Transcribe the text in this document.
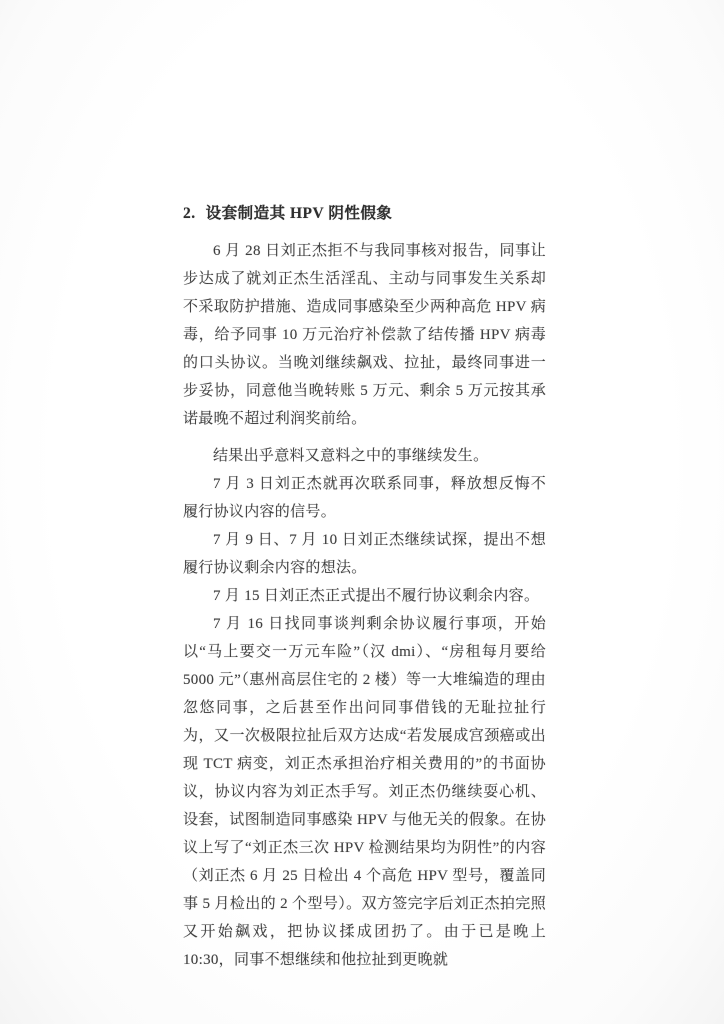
2. 设套制造其 HPV 阴性假象

6 月 28 日刘正杰拒不与我同事核对报告，同事让步达成了就刘正杰生活淫乱、主动与同事发生关系却不采取防护措施、造成同事感染至少两种高危 HPV 病毒，给予同事 10 万元治疗补偿款了结传播 HPV 病毒的口头协议。当晚刘继续飙戏、拉扯，最终同事进一步妥协，同意他当晚转账 5 万元、剩余 5 万元按其承诺最晚不超过利润奖前给。

结果出乎意料又意料之中的事继续发生。

7 月 3 日刘正杰就再次联系同事，释放想反悔不履行协议内容的信号。

7 月 9 日、7 月 10 日刘正杰继续试探，提出不想履行协议剩余内容的想法。

7 月 15 日刘正杰正式提出不履行协议剩余内容。

7 月 16 日找同事谈判剩余协议履行事项，开始以“马上要交一万元车险”（汉 dmi）、“房租每月要给 5000 元”（惠州高层住宅的 2 楼）等一大堆编造的理由忽悠同事，之后甚至作出问同事借钱的无耻拉扯行为，又一次极限拉扯后双方达成“若发展成宫颈癌或出现 TCT 病变，刘正杰承担治疗相关费用的”的书面协议，协议内容为刘正杰手写。刘正杰仍继续耍心机、设套，试图制造同事感染 HPV 与他无关的假象。在协议上写了“刘正杰三次 HPV 检测结果均为阴性”的内容（刘正杰 6 月 25 日检出 4 个高危 HPV 型号，覆盖同事 5 月检出的 2 个型号）。双方签完字后刘正杰拍完照又开始飙戏，把协议揉成团扔了。由于已是晚上 10:30，同事不想继续和他拉扯到更晚就
